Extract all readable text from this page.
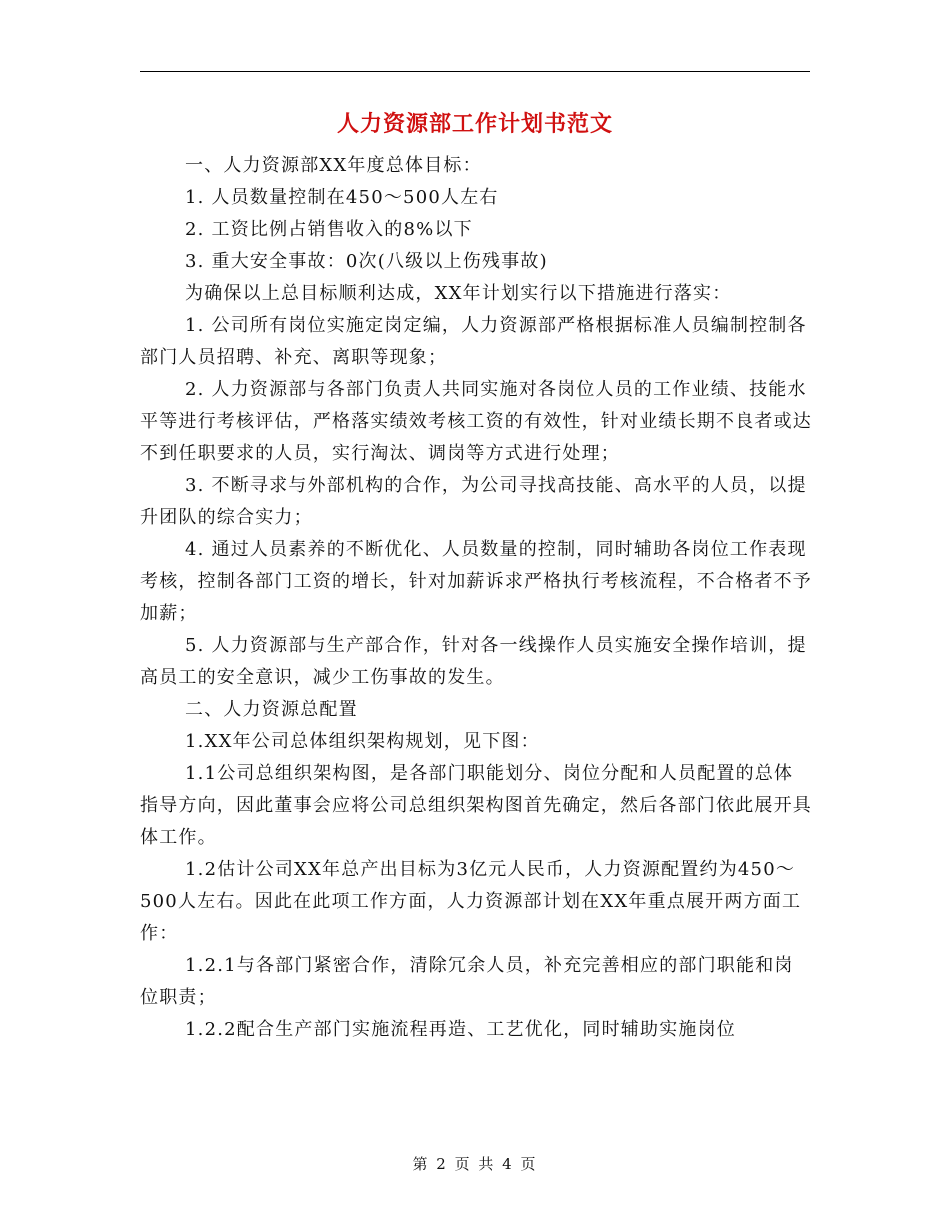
人力资源部工作计划书范文

一、人力资源部XX年度总体目标：

1. 人员数量控制在450～500人左右

2. 工资比例占销售收入的8%以下

3. 重大安全事故：0次(八级以上伤残事故)

为确保以上总目标顺利达成，XX年计划实行以下措施进行落实：

1. 公司所有岗位实施定岗定编，人力资源部严格根据标准人员编制控制各部门人员招聘、补充、离职等现象；

2. 人力资源部与各部门负责人共同实施对各岗位人员的工作业绩、技能水平等进行考核评估，严格落实绩效考核工资的有效性，针对业绩长期不良者或达不到任职要求的人员，实行淘汰、调岗等方式进行处理；

3. 不断寻求与外部机构的合作，为公司寻找高技能、高水平的人员，以提升团队的综合实力；

4. 通过人员素养的不断优化、人员数量的控制，同时辅助各岗位工作表现考核，控制各部门工资的增长，针对加薪诉求严格执行考核流程，不合格者不予加薪；

5. 人力资源部与生产部合作，针对各一线操作人员实施安全操作培训，提高员工的安全意识，减少工伤事故的发生。

二、人力资源总配置

1.XX年公司总体组织架构规划，见下图：

1.1公司总组织架构图，是各部门职能划分、岗位分配和人员配置的总体指导方向，因此董事会应将公司总组织架构图首先确定，然后各部门依此展开具体工作。

1.2估计公司XX年总产出目标为3亿元人民币，人力资源配置约为450～500人左右。因此在此项工作方面，人力资源部计划在XX年重点展开两方面工作：

1.2.1与各部门紧密合作，清除冗余人员，补充完善相应的部门职能和岗位职责；

1.2.2配合生产部门实施流程再造、工艺优化，同时辅助实施岗位

第 2 页 共 4 页
